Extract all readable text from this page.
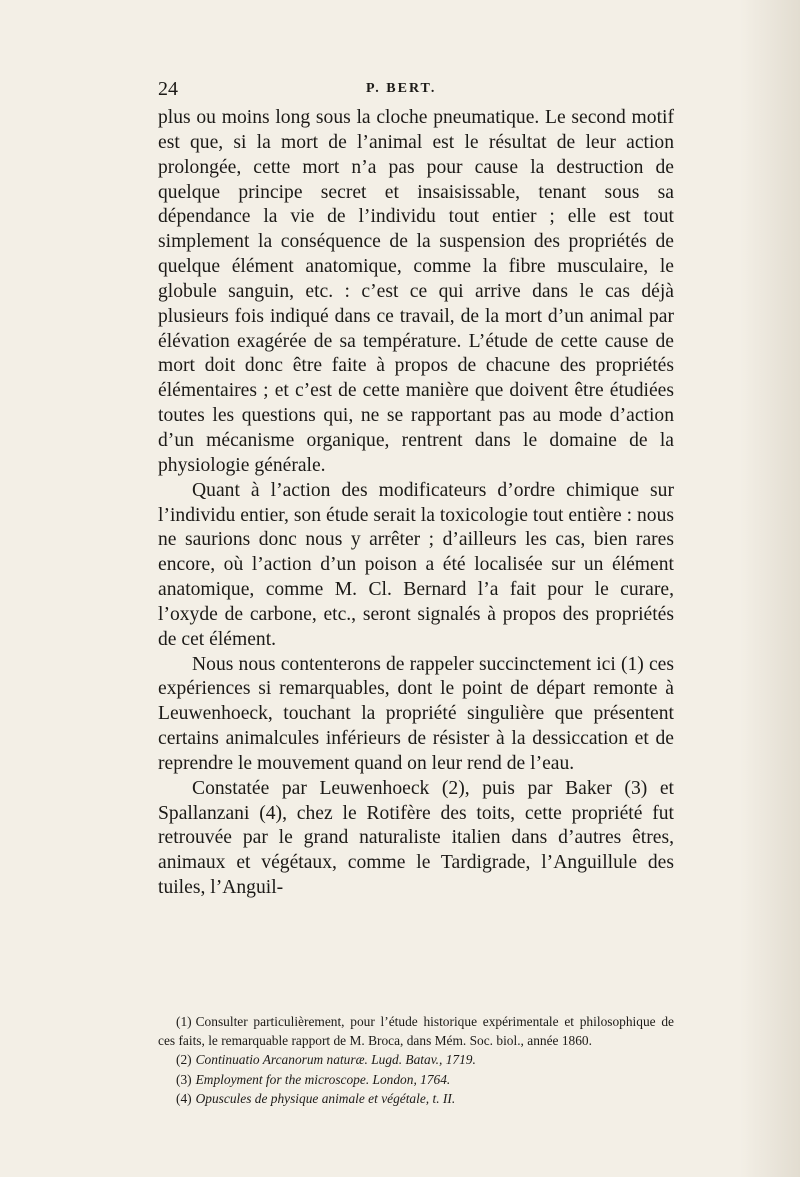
24	P. BERT.

plus ou moins long sous la cloche pneumatique. Le second motif est que, si la mort de l’animal est le résultat de leur action prolongée, cette mort n’a pas pour cause la destruction de quelque principe secret et insaisissable, tenant sous sa dépendance la vie de l’individu tout entier ; elle est tout simplement la conséquence de la suspension des propriétés de quelque élément anatomique, comme la fibre musculaire, le globule sanguin, etc. : c’est ce qui arrive dans le cas déjà plusieurs fois indiqué dans ce travail, de la mort d’un animal par élévation exagérée de sa température. L’étude de cette cause de mort doit donc être faite à propos de chacune des propriétés élémentaires ; et c’est de cette manière que doivent être étudiées toutes les questions qui, ne se rapportant pas au mode d’action d’un mécanisme organique, rentrent dans le domaine de la physiologie générale.

Quant à l’action des modificateurs d’ordre chimique sur l’individu entier, son étude serait la toxicologie tout entière : nous ne saurions donc nous y arrêter ; d’ailleurs les cas, bien rares encore, où l’action d’un poison a été localisée sur un élément anatomique, comme M. Cl. Bernard l’a fait pour le curare, l’oxyde de carbone, etc., seront signalés à propos des propriétés de cet élément.

Nous nous contenterons de rappeler succinctement ici (1) ces expériences si remarquables, dont le point de départ remonte à Leuwenhoeck, touchant la propriété singulière que présentent certains animalcules inférieurs de résister à la dessiccation et de reprendre le mouvement quand on leur rend de l’eau.

Constatée par Leuwenhoeck (2), puis par Baker (3) et Spallanzani (4), chez le Rotifère des toits, cette propriété fut retrouvée par le grand naturaliste italien dans d’autres êtres, animaux et végétaux, comme le Tardigrade, l’Anguillule des tuiles, l’Anguil-

(1) Consulter particulièrement, pour l’étude historique expérimentale et philosophique de ces faits, le remarquable rapport de M. Broca, dans Mém. Soc. biol., année 1860.

(2) Continuatio Arcanorum naturæ. Lugd. Batav., 1719.

(3) Employment for the microscope. London, 1764.

(4) Opuscules de physique animale et végétale, t. II.
